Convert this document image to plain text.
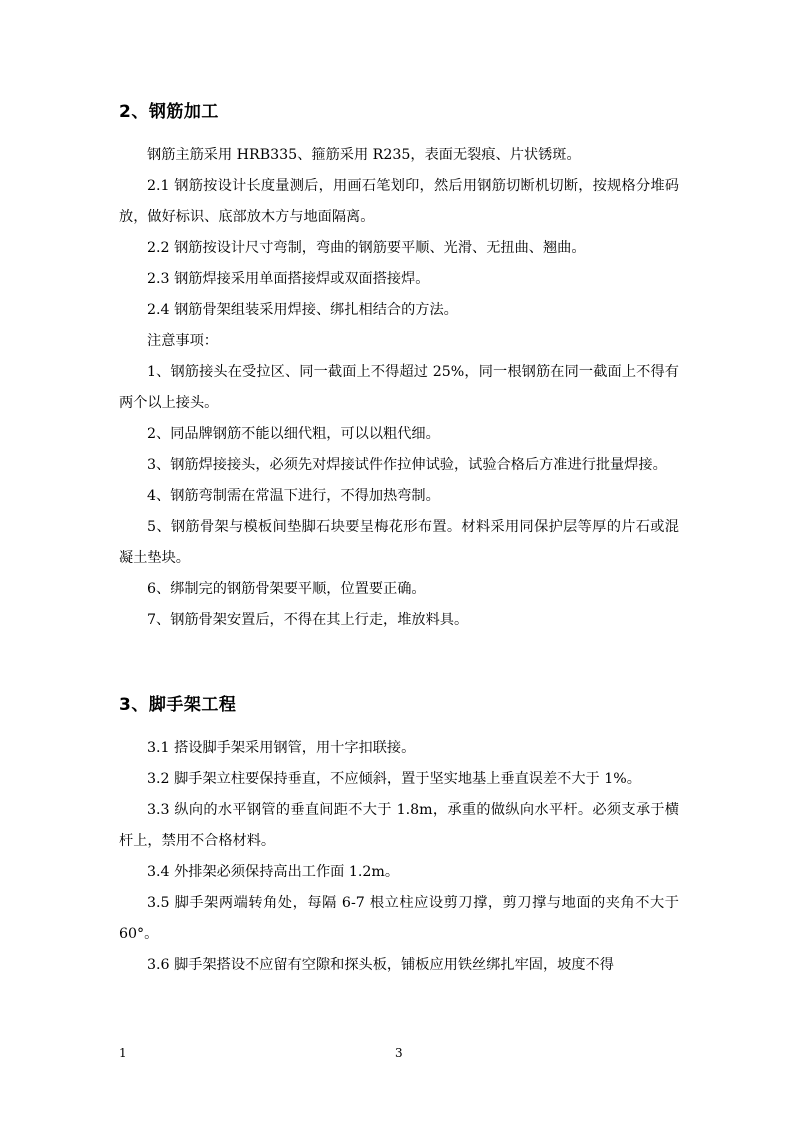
2、钢筋加工

钢筋主筋采用 HRB335、箍筋采用 R235，表面无裂痕、片状锈斑。

2.1 钢筋按设计长度量测后，用画石笔划印，然后用钢筋切断机切断，按规格分堆码放，做好标识、底部放木方与地面隔离。

2.2 钢筋按设计尺寸弯制，弯曲的钢筋要平顺、光滑、无扭曲、翘曲。

2.3 钢筋焊接采用单面搭接焊或双面搭接焊。

2.4 钢筋骨架组装采用焊接、绑扎相结合的方法。

注意事项：

1、钢筋接头在受拉区、同一截面上不得超过 25%，同一根钢筋在同一截面上不得有两个以上接头。

2、同品牌钢筋不能以细代粗，可以以粗代细。

3、钢筋焊接接头，必须先对焊接试件作拉伸试验，试验合格后方准进行批量焊接。

4、钢筋弯制需在常温下进行，不得加热弯制。

5、钢筋骨架与模板间垫脚石块要呈梅花形布置。材料采用同保护层等厚的片石或混凝土垫块。

6、绑制完的钢筋骨架要平顺，位置要正确。

7、钢筋骨架安置后，不得在其上行走，堆放料具。

3、脚手架工程

3.1 搭设脚手架采用钢管，用十字扣联接。

3.2 脚手架立柱要保持垂直，不应倾斜，置于坚实地基上垂直误差不大于 1%。

3.3 纵向的水平钢管的垂直间距不大于 1.8m，承重的做纵向水平杆。必须支承于横杆上，禁用不合格材料。

3.4 外排架必须保持高出工作面 1.2m。

3.5 脚手架两端转角处，每隔 6-7 根立柱应设剪刀撑，剪刀撑与地面的夹角不大于 60°。

3.6 脚手架搭设不应留有空隙和探头板，铺板应用铁丝绑扎牢固，坡度不得

1	3
